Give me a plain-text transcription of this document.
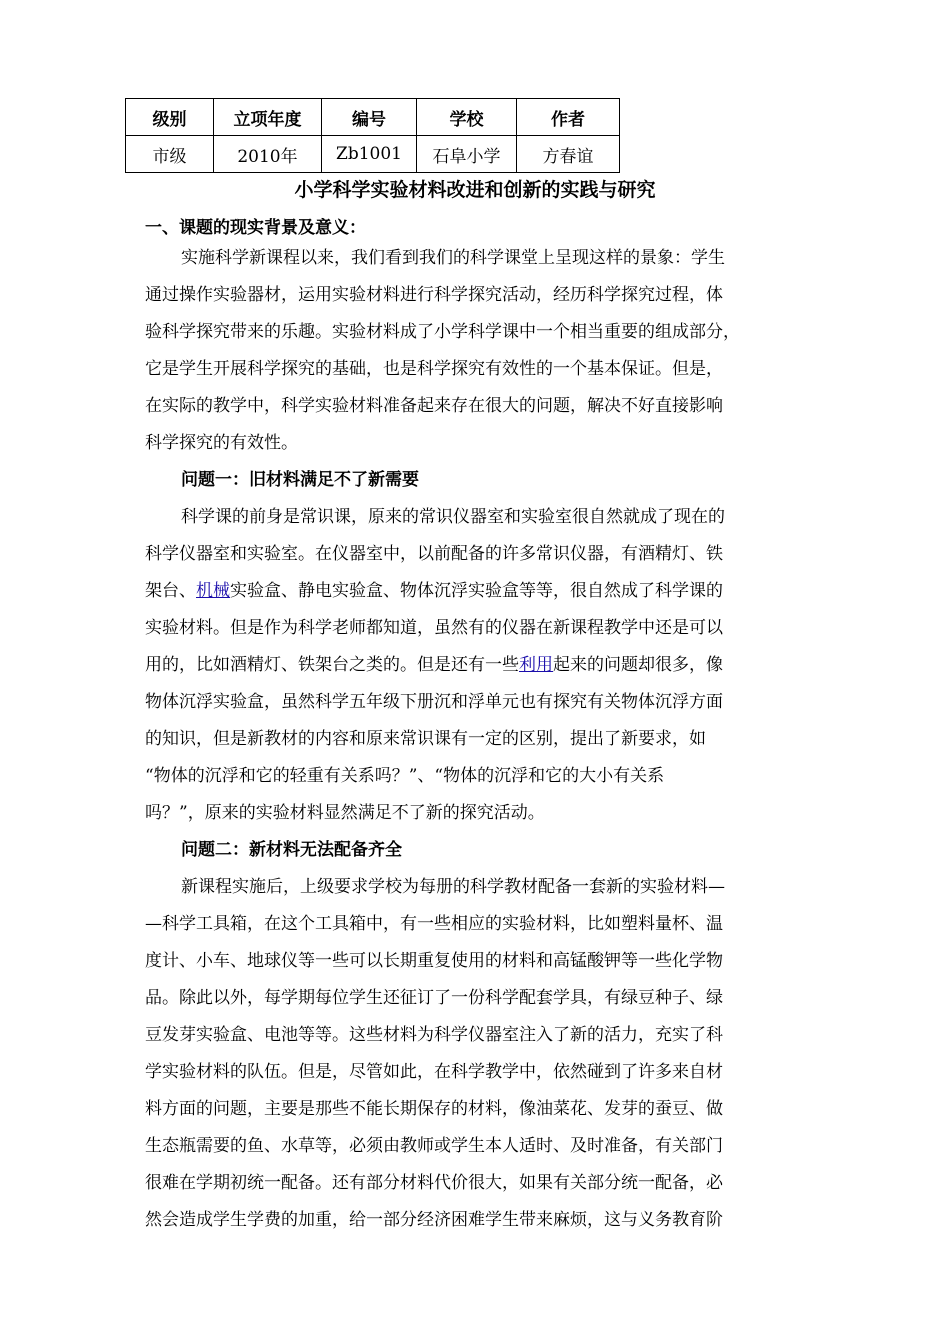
级别	立项年度	编号	学校	作者
市级	2010年	Zb1001	石阜小学	方春谊
小学科学实验材料改进和创新的实践与研究
一、课题的现实背景及意义：
实施科学新课程以来，我们看到我们的科学课堂上呈现这样的景象：学生
通过操作实验器材，运用实验材料进行科学探究活动，经历科学探究过程，体
验科学探究带来的乐趣。实验材料成了小学科学课中一个相当重要的组成部分，
它是学生开展科学探究的基础，也是科学探究有效性的一个基本保证。但是，
在实际的教学中，科学实验材料准备起来存在很大的问题，解决不好直接影响
科学探究的有效性。
问题一：旧材料满足不了新需要
科学课的前身是常识课，原来的常识仪器室和实验室很自然就成了现在的
科学仪器室和实验室。在仪器室中，以前配备的许多常识仪器，有酒精灯、铁
架台、机械实验盒、静电实验盒、物体沉浮实验盒等等，很自然成了科学课的
实验材料。但是作为科学老师都知道，虽然有的仪器在新课程教学中还是可以
用的，比如酒精灯、铁架台之类的。但是还有一些利用起来的问题却很多，像
物体沉浮实验盒，虽然科学五年级下册沉和浮单元也有探究有关物体沉浮方面
的知识，但是新教材的内容和原来常识课有一定的区别，提出了新要求，如
“物体的沉浮和它的轻重有关系吗？”、“物体的沉浮和它的大小有关系
吗？”，原来的实验材料显然满足不了新的探究活动。
问题二：新材料无法配备齐全
新课程实施后，上级要求学校为每册的科学教材配备一套新的实验材料—
—科学工具箱，在这个工具箱中，有一些相应的实验材料，比如塑料量杯、温
度计、小车、地球仪等一些可以长期重复使用的材料和高锰酸钾等一些化学物
品。除此以外，每学期每位学生还征订了一份科学配套学具，有绿豆种子、绿
豆发芽实验盒、电池等等。这些材料为科学仪器室注入了新的活力，充实了科
学实验材料的队伍。但是，尽管如此，在科学教学中，依然碰到了许多来自材
料方面的问题，主要是那些不能长期保存的材料，像油菜花、发芽的蚕豆、做
生态瓶需要的鱼、水草等，必须由教师或学生本人适时、及时准备，有关部门
很难在学期初统一配备。还有部分材料代价很大，如果有关部分统一配备，必
然会造成学生学费的加重，给一部分经济困难学生带来麻烦，这与义务教育阶
